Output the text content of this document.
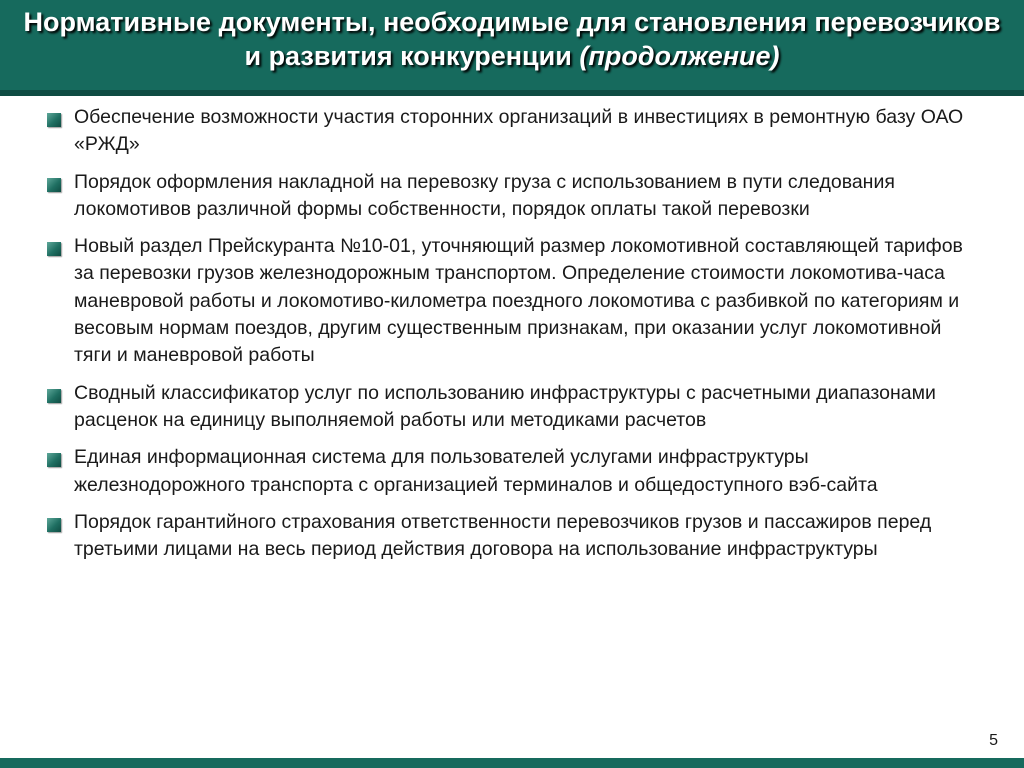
Нормативные документы, необходимые для становления перевозчиков и развития конкуренции (продолжение)
Обеспечение возможности участия сторонних организаций в инвестициях в ремонтную базу ОАО «РЖД»
Порядок оформления накладной на перевозку груза с использованием в пути следования локомотивов различной формы собственности, порядок оплаты такой перевозки
Новый раздел Прейскуранта №10-01, уточняющий размер локомотивной составляющей тарифов за перевозки грузов железнодорожным транспортом. Определение стоимости локомотива-часа маневровой работы и локомотиво-километра поездного локомотива с разбивкой по категориям и весовым нормам поездов, другим существенным признакам, при оказании услуг локомотивной тяги и маневровой работы
Сводный классификатор услуг по использованию инфраструктуры с расчетными диапазонами расценок на единицу выполняемой работы или методиками расчетов
Единая информационная система для пользователей услугами инфраструктуры железнодорожного транспорта с организацией терминалов и общедоступного вэб-сайта
Порядок гарантийного страхования ответственности перевозчиков грузов и пассажиров перед третьими лицами на весь период действия договора на использование инфраструктуры
5
